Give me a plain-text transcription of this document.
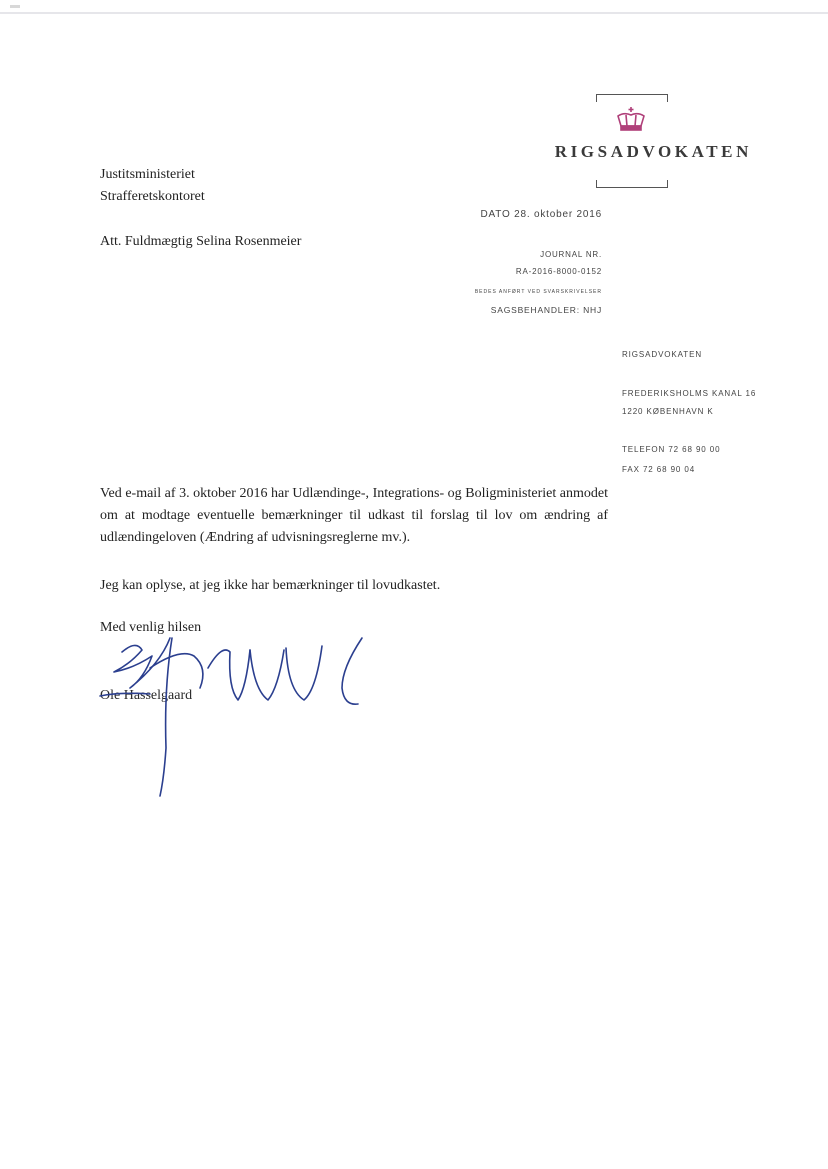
RIGSADVOKATEN
Justitsministeriet
Strafferetskontoret
Att. Fuldmægtig Selina Rosenmeier
DATO 28. oktober 2016
JOURNAL NR.
RA-2016-8000-0152
BEDES ANFØRT VED SVARSKRIVELSER
SAGSBEHANDLER: NHJ
RIGSADVOKATEN
FREDERIKSHOLMS KANAL 16
1220 KØBENHAVN K
TELEFON 72 68 90 00
FAX 72 68 90 04
Ved e-mail af 3. oktober 2016 har Udlændinge-, Integrations- og Boligministeriet anmodet om at modtage eventuelle bemærkninger til udkast til forslag til lov om ændring af udlændingeloven (Ændring af udvisningsreglerne mv.).
Jeg kan oplyse, at jeg ikke har bemærkninger til lovudkastet.
Med venlig hilsen
Ole Hasselgaard
